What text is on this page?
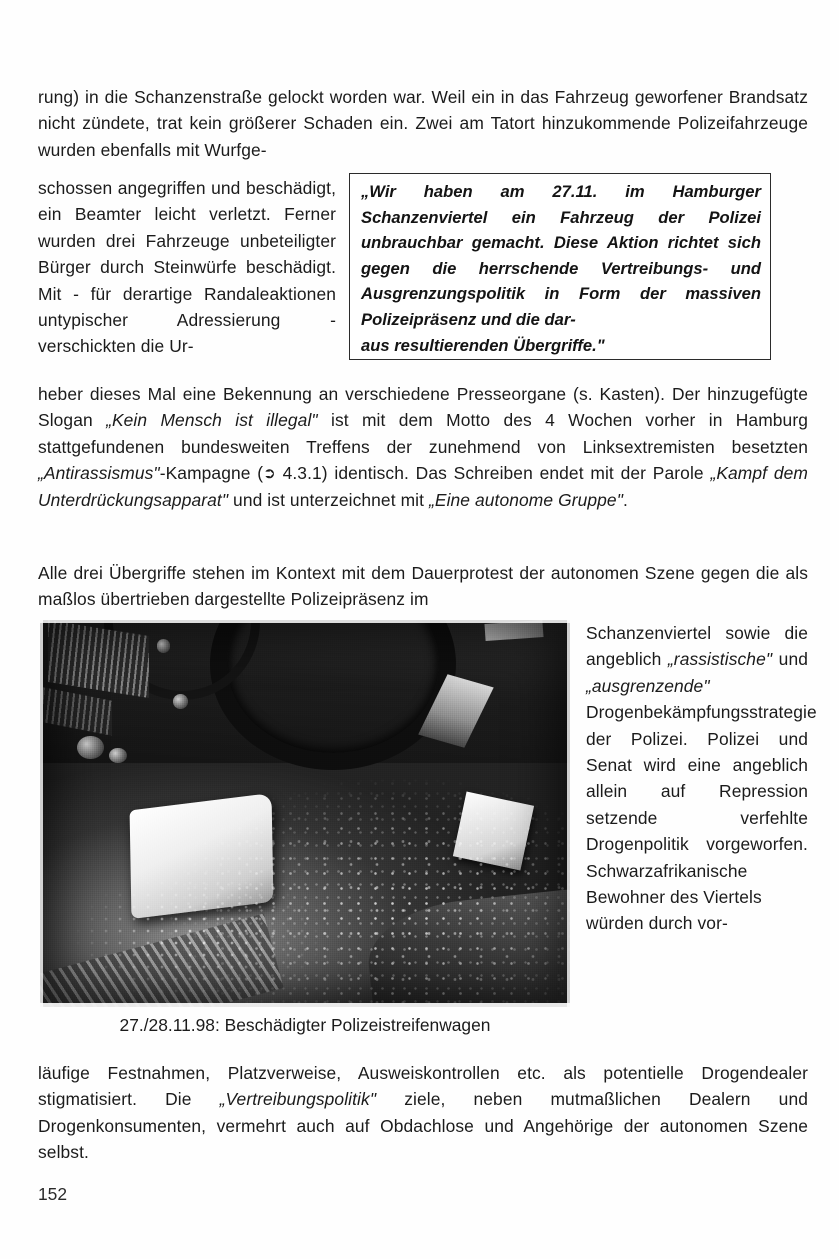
rung) in die Schanzenstraße gelockt worden war. Weil ein in das Fahrzeug geworfener Brandsatz nicht zündete, trat kein größerer Schaden ein. Zwei am Tatort hinzukommende Polizeifahrzeuge wurden ebenfalls mit Wurfge-
schossen angegriffen und beschädigt, ein Beamter leicht verletzt. Ferner wurden drei Fahrzeuge unbeteiligter Bürger durch Steinwürfe beschädigt. Mit - für derartige Randaleaktionen untypischer Adressierung - verschickten die Ur-
„Wir haben am 27.11. im Hamburger Schanzenviertel ein Fahrzeug der Polizei unbrauchbar gemacht. Diese Aktion richtet sich gegen die herrschende Vertreibungs- und Ausgrenzungspolitik in Form der massiven Polizeipräsenz und die dar-
aus resultierenden Übergriffe."
heber dieses Mal eine Bekennung an verschiedene Presseorgane (s. Kasten). Der hinzugefügte Slogan „Kein Mensch ist illegal" ist mit dem Motto des 4 Wochen vorher in Hamburg stattgefundenen bundesweiten Treffens der zunehmend von Linksextremisten besetzten „Antirassismus"-Kampagne (➲ 4.3.1) identisch. Das Schreiben endet mit der Parole „Kampf dem Unterdrückungsapparat" und ist unterzeichnet mit „Eine autonome Gruppe".
Alle drei Übergriffe stehen im Kontext mit dem Dauerprotest der autonomen Szene gegen die als maßlos übertrieben dargestellte Polizeipräsenz im
27./28.11.98: Beschädigter Polizeistreifenwagen
Schanzenviertel sowie die angeblich „rassistische" und „ausgrenzende" Drogenbekämpfungsstrategie der Polizei. Polizei und Senat wird eine angeblich allein auf Repression setzende verfehlte Drogenpolitik vorgeworfen. Schwarzafrikanische Bewohner des Viertels
würden durch vor-
läufige Festnahmen, Platzverweise, Ausweiskontrollen etc. als potentielle Drogendealer stigmatisiert. Die „Vertreibungspolitik" ziele, neben mutmaßlichen Dealern und Drogenkonsumenten, vermehrt auch auf Obdachlose und Angehörige der autonomen Szene selbst.
152
